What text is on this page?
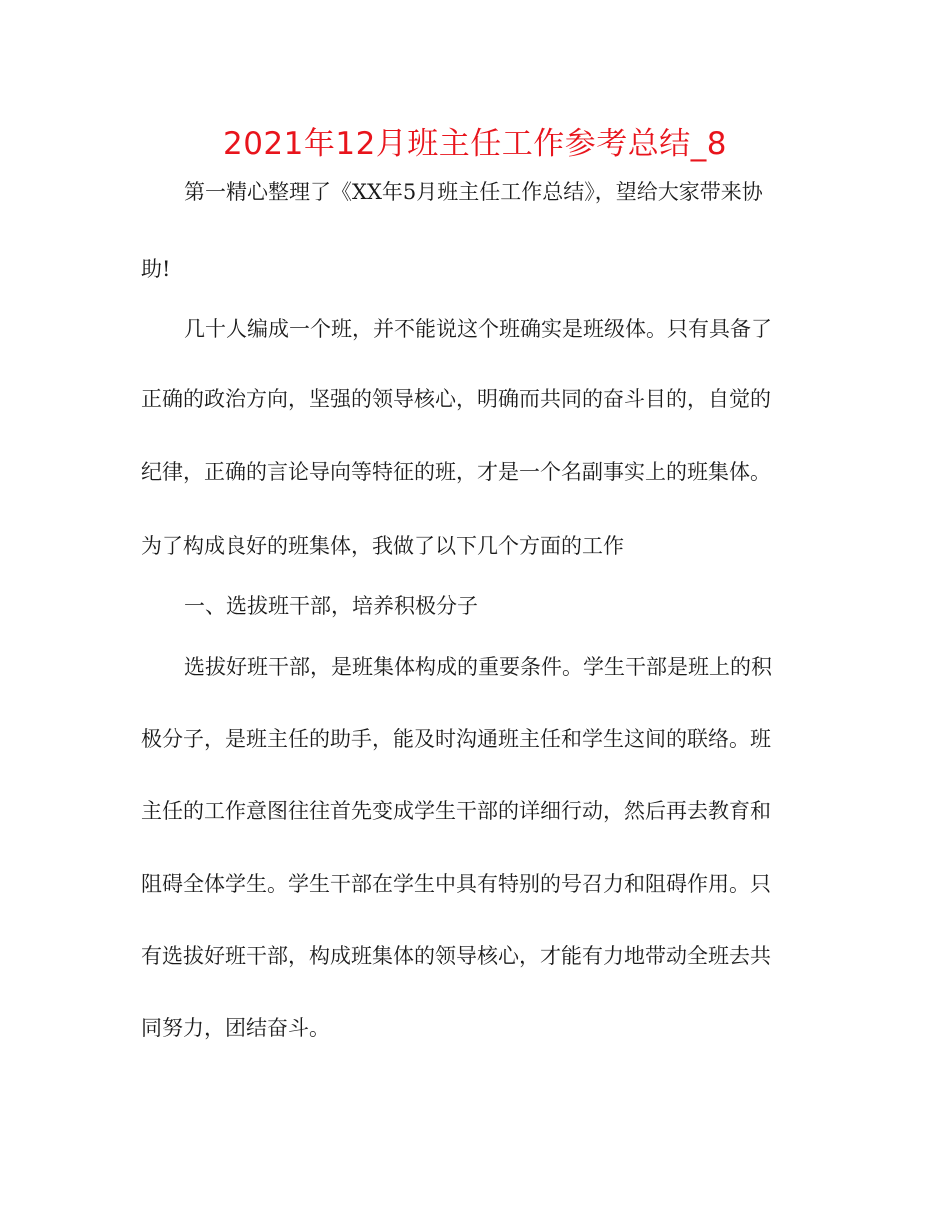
2021年12月班主任工作参考总结_8
第一精心整理了《XX年5月班主任工作总结》，望给大家带来协
助!
几十人编成一个班，并不能说这个班确实是班级体。只有具备了
正确的政治方向，坚强的领导核心，明确而共同的奋斗目的，自觉的
纪律，正确的言论导向等特征的班，才是一个名副事实上的班集体。
为了构成良好的班集体，我做了以下几个方面的工作
一、选拔班干部，培养积极分子
选拔好班干部，是班集体构成的重要条件。学生干部是班上的积
极分子，是班主任的助手，能及时沟通班主任和学生这间的联络。班
主任的工作意图往往首先变成学生干部的详细行动，然后再去教育和
阻碍全体学生。学生干部在学生中具有特别的号召力和阻碍作用。只
有选拔好班干部，构成班集体的领导核心，才能有力地带动全班去共
同努力，团结奋斗。
